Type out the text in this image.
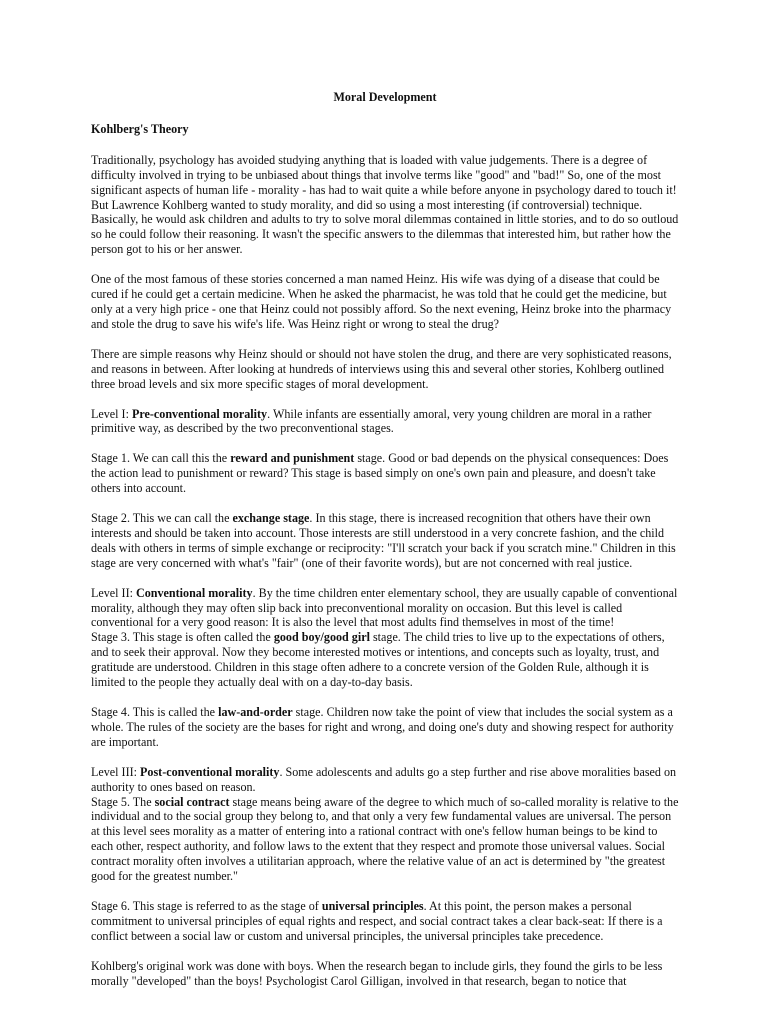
Moral Development
Kohlberg's Theory

Traditionally, psychology has avoided studying anything that is loaded with value judgements. There is a degree of difficulty involved in trying to be unbiased about things that involve terms like "good" and "bad!" So, one of the most significant aspects of human life - morality - has had to wait quite a while before anyone in psychology dared to touch it! But Lawrence Kohlberg wanted to study morality, and did so using a most interesting (if controversial) technique. Basically, he would ask children and adults to try to solve moral dilemmas contained in little stories, and to do so outloud so he could follow their reasoning. It wasn't the specific answers to the dilemmas that interested him, but rather how the person got to his or her answer.

One of the most famous of these stories concerned a man named Heinz. His wife was dying of a disease that could be cured if he could get a certain medicine. When he asked the pharmacist, he was told that he could get the medicine, but only at a very high price - one that Heinz could not possibly afford. So the next evening, Heinz broke into the pharmacy and stole the drug to save his wife's life. Was Heinz right or wrong to steal the drug?

There are simple reasons why Heinz should or should not have stolen the drug, and there are very sophisticated reasons, and reasons in between. After looking at hundreds of interviews using this and several other stories, Kohlberg outlined three broad levels and six more specific stages of moral development.

Level I: Pre-conventional morality. While infants are essentially amoral, very young children are moral in a rather primitive way, as described by the two preconventional stages.

Stage 1. We can call this the reward and punishment stage. Good or bad depends on the physical consequences: Does the action lead to punishment or reward? This stage is based simply on one's own pain and pleasure, and doesn't take others into account.

Stage 2. This we can call the exchange stage. In this stage, there is increased recognition that others have their own interests and should be taken into account. Those interests are still understood in a very concrete fashion, and the child deals with others in terms of simple exchange or reciprocity: "I'll scratch your back if you scratch mine." Children in this stage are very concerned with what's "fair" (one of their favorite words), but are not concerned with real justice.

Level II: Conventional morality. By the time children enter elementary school, they are usually capable of conventional morality, although they may often slip back into preconventional morality on occasion. But this level is called conventional for a very good reason: It is also the level that most adults find themselves in most of the time!
Stage 3. This stage is often called the good boy/good girl stage. The child tries to live up to the expectations of others, and to seek their approval. Now they become interested motives or intentions, and concepts such as loyalty, trust, and gratitude are understood. Children in this stage often adhere to a concrete version of the Golden Rule, although it is limited to the people they actually deal with on a day-to-day basis.

Stage 4. This is called the law-and-order stage. Children now take the point of view that includes the social system as a whole. The rules of the society are the bases for right and wrong, and doing one's duty and showing respect for authority are important.

Level III: Post-conventional morality. Some adolescents and adults go a step further and rise above moralities based on authority to ones based on reason.
Stage 5. The social contract stage means being aware of the degree to which much of so-called morality is relative to the individual and to the social group they belong to, and that only a very few fundamental values are universal. The person at this level sees morality as a matter of entering into a rational contract with one's fellow human beings to be kind to each other, respect authority, and follow laws to the extent that they respect and promote those universal values. Social contract morality often involves a utilitarian approach, where the relative value of an act is determined by "the greatest good for the greatest number."

Stage 6. This stage is referred to as the stage of universal principles. At this point, the person makes a personal commitment to universal principles of equal rights and respect, and social contract takes a clear back-seat: If there is a conflict between a social law or custom and universal principles, the universal principles take precedence.

Kohlberg's original work was done with boys. When the research began to include girls, they found the girls to be less morally "developed" than the boys! Psychologist Carol Gilligan, involved in that research, began to notice that
